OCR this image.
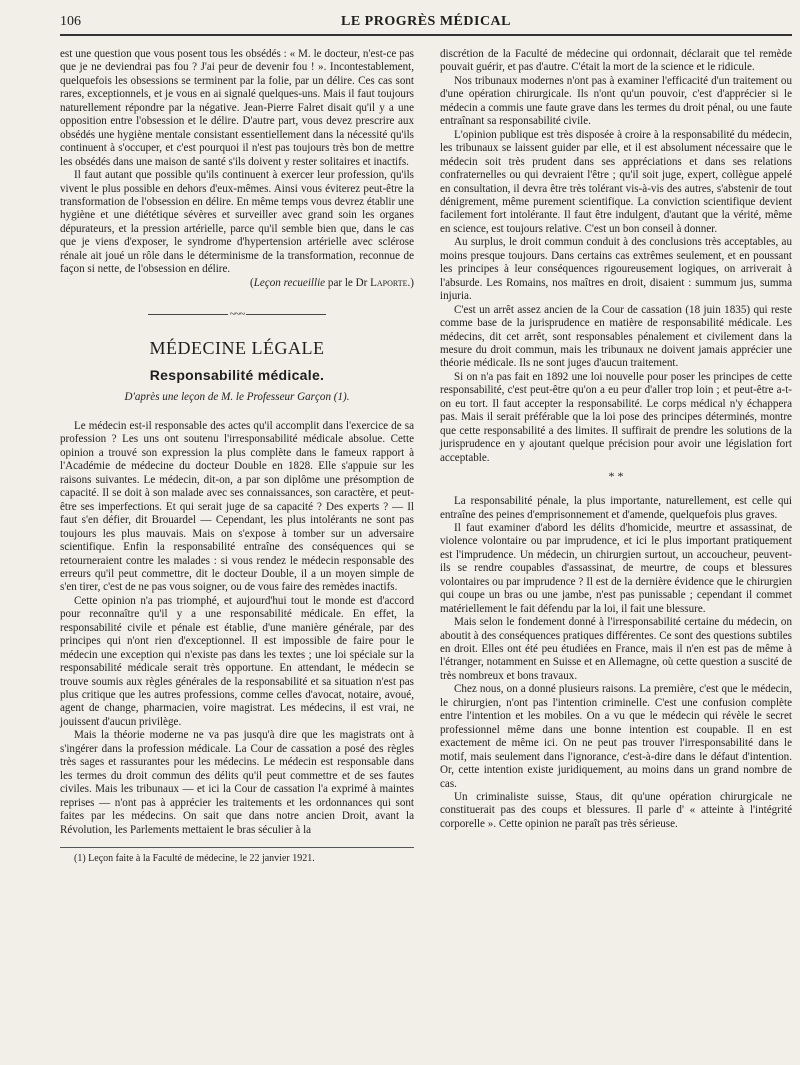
106	LE PROGRÈS MÉDICAL

est une question que vous posent tous les obsédés : « M. le docteur, n'est-ce pas que je ne deviendrai pas fou ? J'ai peur de devenir fou ! ». Incontestablement, quelquefois les obsessions se terminent par la folie, par un délire. Ces cas sont rares, exceptionnels, et je vous en ai signalé quelques-uns. Mais il faut toujours naturellement répondre par la négative. Jean-Pierre Falret disait qu'il y a une opposition entre l'obsession et le délire. D'autre part, vous devez prescrire aux obsédés une hygiène mentale consistant essentiellement dans la nécessité qu'ils continuent à s'occuper, et c'est pourquoi il n'est pas toujours très bon de mettre les obsédés dans une maison de santé s'ils doivent y rester solitaires et inactifs.

Il faut autant que possible qu'ils continuent à exercer leur profession, qu'ils vivent le plus possible en dehors d'eux-mêmes. Ainsi vous éviterez peut-être la transformation de l'obsession en délire. En même temps vous devrez établir une hygiène et une diététique sévères et surveiller avec grand soin les organes dépurateurs, et la pression artérielle, parce qu'il semble bien que, dans le cas que je viens d'exposer, le syndrome d'hypertension artérielle avec sclérose rénale ait joué un rôle dans le déterminisme de la transformation, reconnue de façon si nette, de l'obsession en délire.

(Leçon recueillie par le Dr Laporte.)

~~~
MÉDECINE LÉGALE
Responsabilité médicale.
D'après une leçon de M. le Professeur Garçon (1).

Le médecin est-il responsable des actes qu'il accomplit dans l'exercice de sa profession ? Les uns ont soutenu l'irresponsabilité médicale absolue. Cette opinion a trouvé son expression la plus complète dans le fameux rapport à l'Académie de médecine du docteur Double en 1828. Elle s'appuie sur les raisons suivantes. Le médecin, dit-on, a par son diplôme une présomption de capacité. Il se doit à son malade avec ses connaissances, son caractère, et peut-être ses imperfections. Et qui serait juge de sa capacité ? Des experts ? — Il faut s'en défier, dit Brouardel — Cependant, les plus intolérants ne sont pas toujours les plus mauvais. Mais on s'expose à tomber sur un adversaire scientifique. Enfin la responsabilité entraîne des conséquences qui se retourneraient contre les malades : si vous rendez le médecin responsable des erreurs qu'il peut commettre, dit le docteur Double, il a un moyen simple de s'en tirer, c'est de ne pas vous soigner, ou de vous faire des remèdes inactifs.

Cette opinion n'a pas triomphé, et aujourd'hui tout le monde est d'accord pour reconnaître qu'il y a une responsabilité médicale. En effet, la responsabilité civile et pénale est établie, d'une manière générale, par des principes qui n'ont rien d'exceptionnel. Il est impossible de faire pour le médecin une exception qui n'existe pas dans les textes ; une loi spéciale sur la responsabilité médicale serait très opportune. En attendant, le médecin se trouve soumis aux règles générales de la responsabilité et sa situation n'est pas plus critique que les autres professions, comme celles d'avocat, notaire, avoué, agent de change, pharmacien, voire magistrat. Les médecins, il est vrai, ne jouissent d'aucun privilège.

Mais la théorie moderne ne va pas jusqu'à dire que les magistrats ont à s'ingérer dans la profession médicale. La Cour de cassation a posé des règles très sages et rassurantes pour les médecins. Le médecin est responsable dans les termes du droit commun des délits qu'il peut commettre et de ses fautes civiles. Mais les tribunaux — et ici la Cour de cassation l'a exprimé à maintes reprises — n'ont pas à apprécier les traitements et les ordonnances qui sont faites par les médecins. On sait que dans notre ancien Droit, avant la Révolution, les Parlements mettaient le bras séculier à la

(1) Leçon faite à la Faculté de médecine, le 22 janvier 1921.

discrétion de la Faculté de médecine qui ordonnait, déclarait que tel remède pouvait guérir, et pas d'autre. C'était la mort de la science et le ridicule.

Nos tribunaux modernes n'ont pas à examiner l'efficacité d'un traitement ou d'une opération chirurgicale. Ils n'ont qu'un pouvoir, c'est d'apprécier si le médecin a commis une faute grave dans les termes du droit pénal, ou une faute entraînant sa responsabilité civile.

L'opinion publique est très disposée à croire à la responsabilité du médecin, les tribunaux se laissent guider par elle, et il est absolument nécessaire que le médecin soit très prudent dans ses appréciations et dans ses relations confraternelles ou qui devraient l'être ; qu'il soit juge, expert, collègue appelé en consultation, il devra être très tolérant vis-à-vis des autres, s'abstenir de tout dénigrement, même purement scientifique. La conviction scientifique devient facilement fort intolérante. Il faut être indulgent, d'autant que la vérité, même en science, est toujours relative. C'est un bon conseil à donner.

Au surplus, le droit commun conduit à des conclusions très acceptables, au moins presque toujours. Dans certains cas extrêmes seulement, et en poussant les principes à leur conséquences rigoureusement logiques, on arriverait à l'absurde. Les Romains, nos maîtres en droit, disaient : summum jus, summa injuria.

C'est un arrêt assez ancien de la Cour de cassation (18 juin 1835) qui reste comme base de la jurisprudence en matière de responsabilité médicale. Les médecins, dit cet arrêt, sont responsables pénalement et civilement dans la mesure du droit commun, mais les tribunaux ne doivent jamais apprécier une théorie médicale. Ils ne sont juges d'aucun traitement.

Si on n'a pas fait en 1892 une loi nouvelle pour poser les principes de cette responsabilité, c'est peut-être qu'on a eu peur d'aller trop loin ; et peut-être a-t-on eu tort. Il faut accepter la responsabilité. Le corps médical n'y échappera pas. Mais il serait préférable que la loi pose des principes déterminés, montre que cette responsabilité a des limites. Il suffirait de prendre les solutions de la jurisprudence en y ajoutant quelque précision pour avoir une législation fort acceptable.

* *

La responsabilité pénale, la plus importante, naturellement, est celle qui entraîne des peines d'emprisonnement et d'amende, quelquefois plus graves.

Il faut examiner d'abord les délits d'homicide, meurtre et assassinat, de violence volontaire ou par imprudence, et ici le plus important pratiquement est l'imprudence. Un médecin, un chirurgien surtout, un accoucheur, peuvent-ils se rendre coupables d'assassinat, de meurtre, de coups et blessures volontaires ou par imprudence ? Il est de la dernière évidence que le chirurgien qui coupe un bras ou une jambe, n'est pas punissable ; cependant il commet matériellement le fait défendu par la loi, il fait une blessure.

Mais selon le fondement donné à l'irresponsabilité certaine du médecin, on aboutit à des conséquences pratiques différentes. Ce sont des questions subtiles en droit. Elles ont été peu étudiées en France, mais il n'en est pas de même à l'étranger, notamment en Suisse et en Allemagne, où cette question a suscité de très nombreux et bons travaux.

Chez nous, on a donné plusieurs raisons. La première, c'est que le médecin, le chirurgien, n'ont pas l'intention criminelle. C'est une confusion complète entre l'intention et les mobiles. On a vu que le médecin qui révèle le secret professionnel même dans une bonne intention est coupable. Il en est exactement de même ici. On ne peut pas trouver l'irresponsabilité dans le motif, mais seulement dans l'ignorance, c'est-à-dire dans le défaut d'intention. Or, cette intention existe juridiquement, au moins dans un grand nombre de cas.

Un criminaliste suisse, Staus, dit qu'une opération chirurgicale ne constituerait pas des coups et blessures. Il parle d' « atteinte à l'intégrité corporelle ». Cette opinion ne paraît pas très sérieuse.
